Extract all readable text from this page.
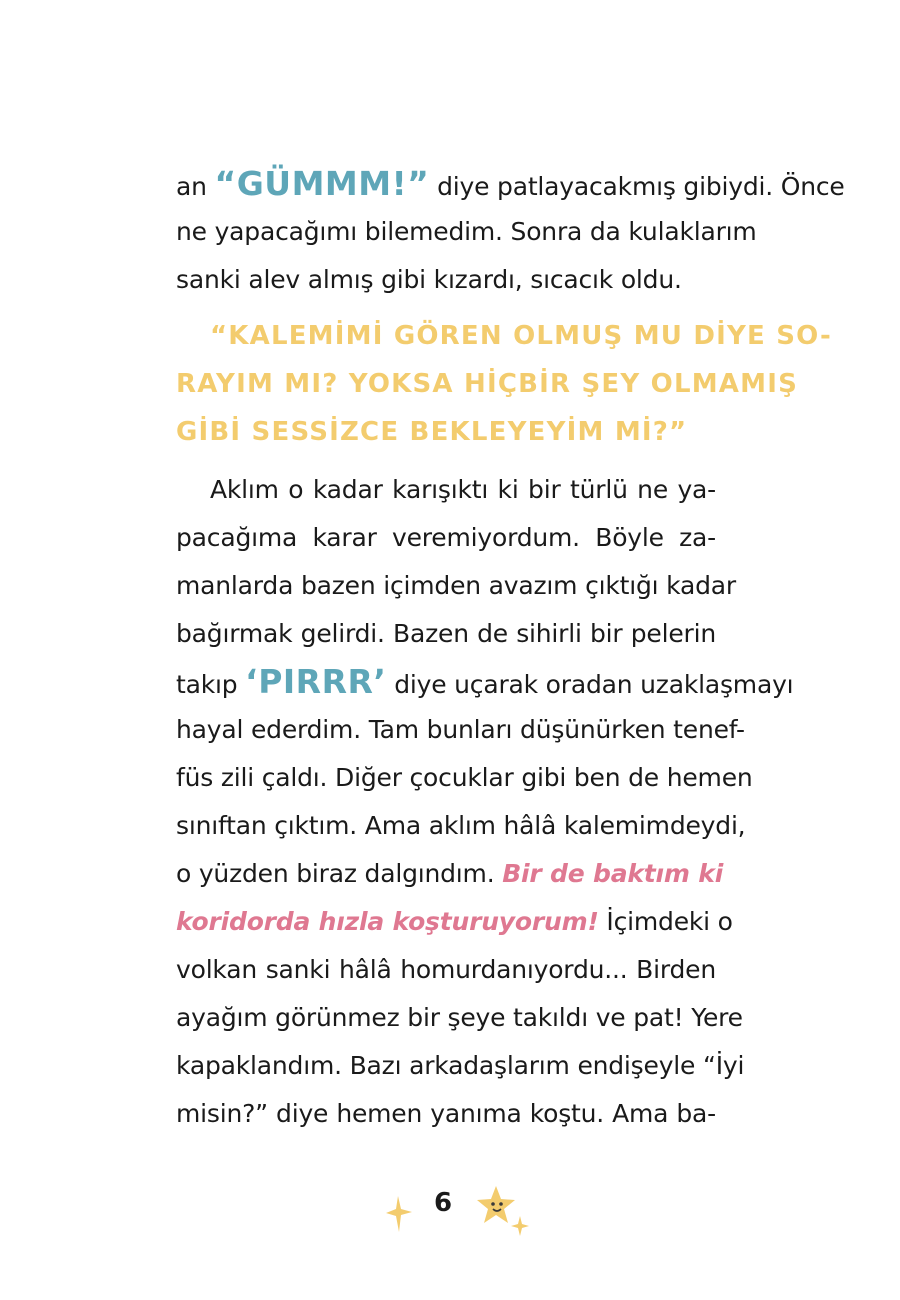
an “GÜMMM!” diye patlayacakmış gibiydi. Önce
ne yapacağımı bilemedim. Sonra da kulaklarım
sanki alev almış gibi kızardı, sıcacık oldu.
“KALEMİMİ GÖREN OLMUŞ MU DİYE SO-
RAYIM MI? YOKSA HİÇBİR ŞEY OLMAMIŞ
GİBİ SESSİZCE BEKLEYEYİM Mİ?”
Aklım o kadar karışıktı ki bir türlü ne ya-
pacağıma karar veremiyordum. Böyle za-
manlarda bazen içimden avazım çıktığı kadar
bağırmak gelirdi. Bazen de sihirli bir pelerin
takıp ‘PIRRR’ diye uçarak oradan uzaklaşmayı
hayal ederdim. Tam bunları düşünürken tenef-
füs zili çaldı. Diğer çocuklar gibi ben de hemen
sınıftan çıktım. Ama aklım hâlâ kalemimdeydi,
o yüzden biraz dalgındım. Bir de baktım ki
koridorda hızla koşturuyorum! İçimdeki o
volkan sanki hâlâ homurdanıyordu... Birden
ayağım görünmez bir şeye takıldı ve pat! Yere
kapaklandım. Bazı arkadaşlarım endişeyle “İyi
misin?” diye hemen yanıma koştu. Ama ba-
6
